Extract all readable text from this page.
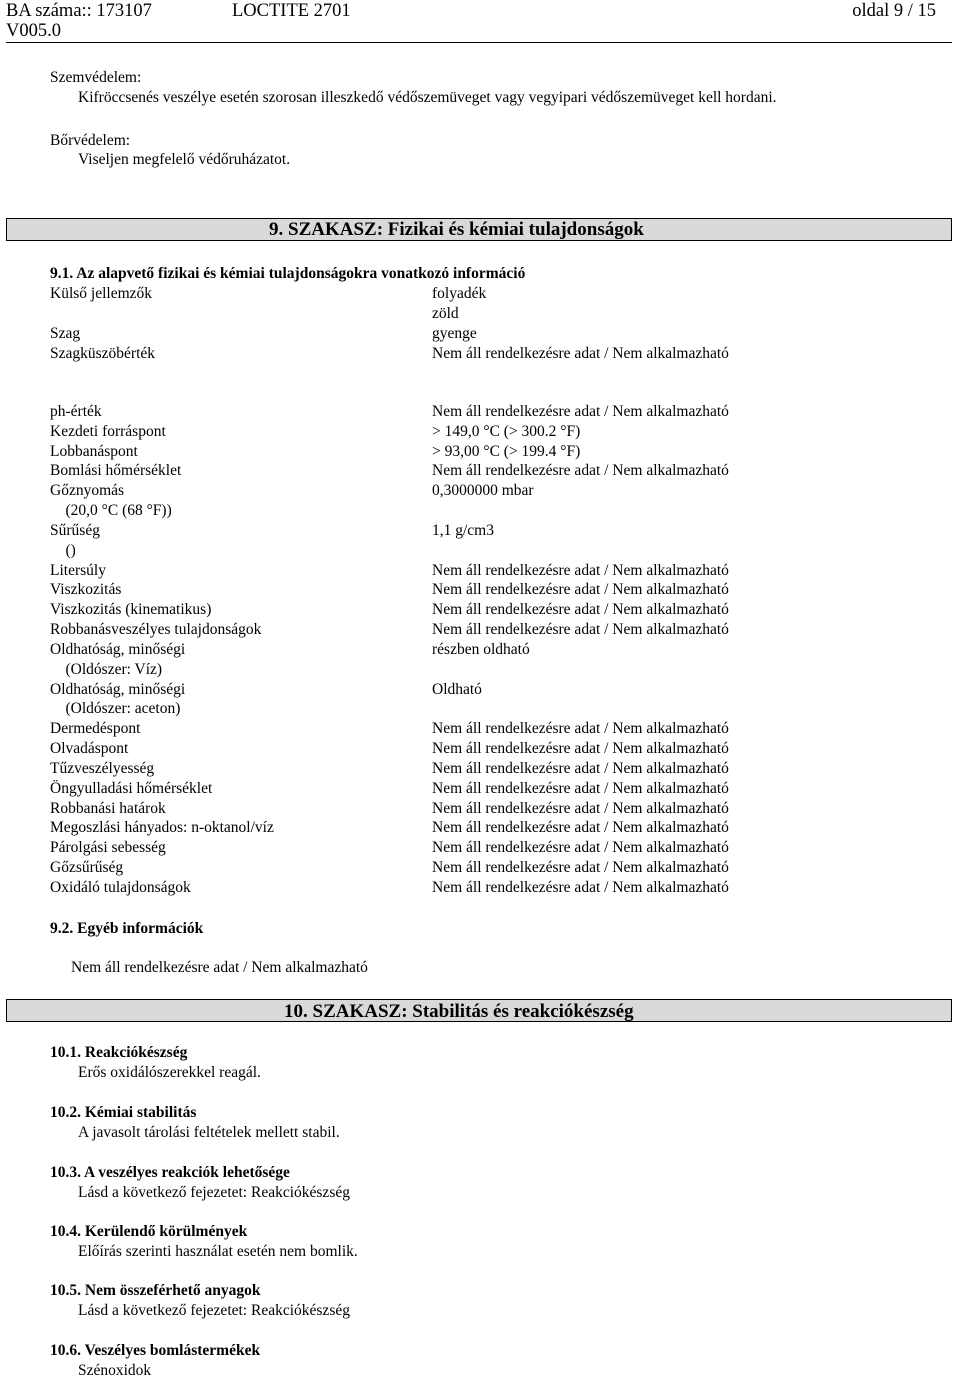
BA száma:: 173107	LOCTITE 2701	oldal 9 / 15
V005.0
Szemvédelem:
Kifröccsenés veszélye esetén szorosan illeszkedő védőszemüveget vagy vegyipari védőszemüveget kell hordani.
Bőrvédelem:
Viseljen megfelelő védőruházatot.
9. SZAKASZ: Fizikai és kémiai tulajdonságok
9.1. Az alapvető fizikai és kémiai tulajdonságokra vonatkozó információ
Külső jellemzők	folyadék
zöld
Szag	gyenge
Szagküszöbérték	Nem áll rendelkezésre adat / Nem alkalmazható
ph-érték	Nem áll rendelkezésre adat / Nem alkalmazható
Kezdeti forráspont	> 149,0 °C (> 300.2 °F)
Lobbanáspont	> 93,00 °C (> 199.4 °F)
Bomlási hőmérséklet	Nem áll rendelkezésre adat / Nem alkalmazható
Gőznyomás	0,3000000 mbar
(20,0 °C (68 °F))
Sűrűség	1,1 g/cm3
()
Litersúly	Nem áll rendelkezésre adat / Nem alkalmazható
Viszkozitás	Nem áll rendelkezésre adat / Nem alkalmazható
Viszkozitás (kinematikus)	Nem áll rendelkezésre adat / Nem alkalmazható
Robbanásveszélyes tulajdonságok	Nem áll rendelkezésre adat / Nem alkalmazható
Oldhatóság, minőségi	részben oldható
(Oldószer: Víz)
Oldhatóság, minőségi	Oldható
(Oldószer: aceton)
Dermedéspont	Nem áll rendelkezésre adat / Nem alkalmazható
Olvadáspont	Nem áll rendelkezésre adat / Nem alkalmazható
Tűzveszélyesség	Nem áll rendelkezésre adat / Nem alkalmazható
Öngyulladási hőmérséklet	Nem áll rendelkezésre adat / Nem alkalmazható
Robbanási határok	Nem áll rendelkezésre adat / Nem alkalmazható
Megoszlási hányados: n-oktanol/víz	Nem áll rendelkezésre adat / Nem alkalmazható
Párolgási sebesség	Nem áll rendelkezésre adat / Nem alkalmazható
Gőzsűrűség	Nem áll rendelkezésre adat / Nem alkalmazható
Oxidáló tulajdonságok	Nem áll rendelkezésre adat / Nem alkalmazható
9.2. Egyéb információk
Nem áll rendelkezésre adat / Nem alkalmazható
10. SZAKASZ: Stabilitás és reakciókészség
10.1. Reakciókészség
Erős oxidálószerekkel reagál.
10.2. Kémiai stabilitás
A javasolt tárolási feltételek mellett stabil.
10.3. A veszélyes reakciók lehetősége
Lásd a következő fejezetet: Reakciókészség
10.4. Kerülendő körülmények
Előírás szerinti használat esetén nem bomlik.
10.5. Nem összeférhető anyagok
Lásd a következő fejezetet: Reakciókészség
10.6. Veszélyes bomlástermékek
Szénoxidok
